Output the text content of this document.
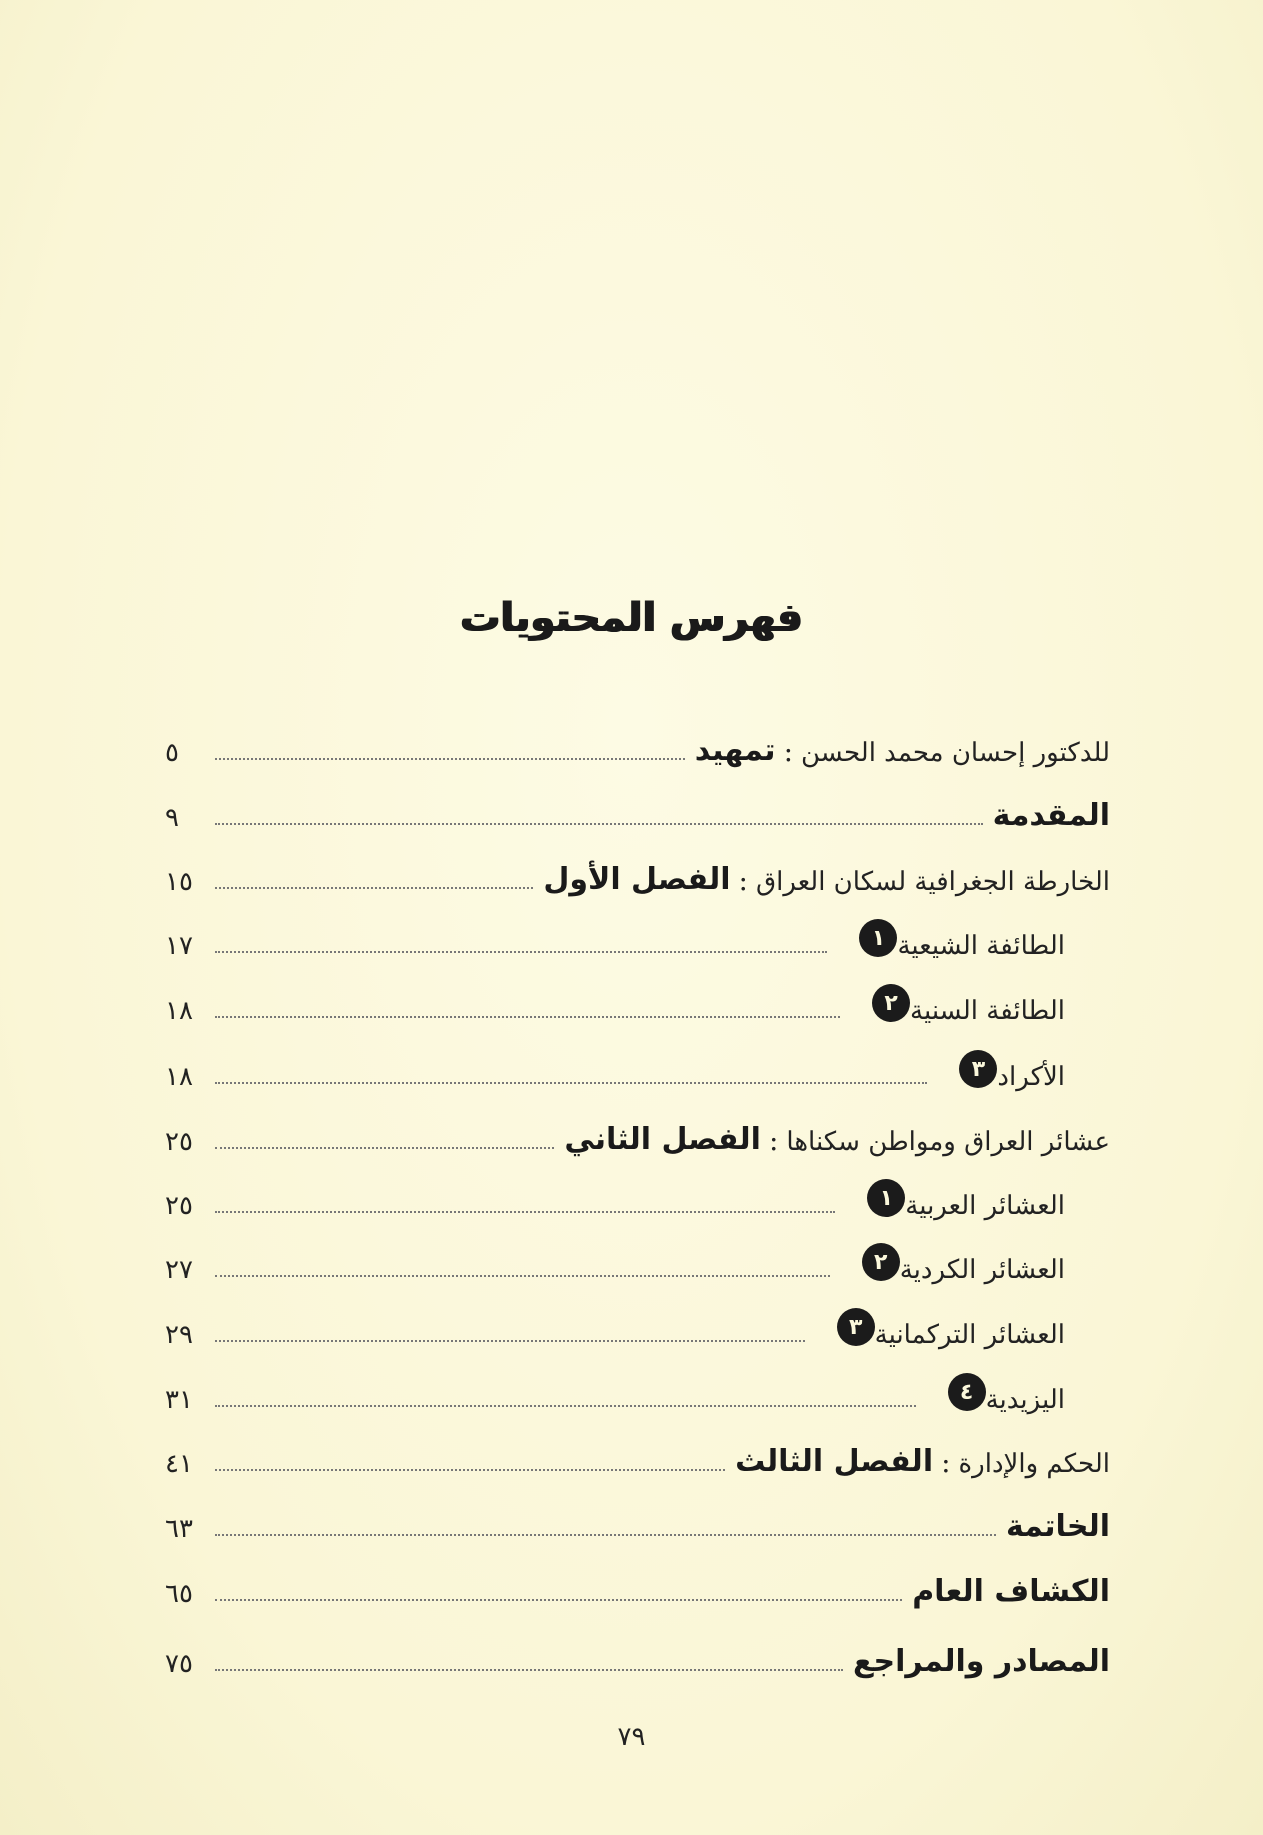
فهرس المحتويات
تمهيد : للدكتور إحسان محمد الحسن
٥
المقدمة
٩
الفصل الأول : الخارطة الجغرافية لسكان العراق
١٥
١ الطائفة الشيعية
١٧
٢ الطائفة السنية
١٨
٣ الأكراد
١٨
الفصل الثاني : عشائر العراق ومواطن سكناها
٢٥
١ العشائر العربية
٢٥
٢ العشائر الكردية
٢٧
٣ العشائر التركمانية
٢٩
٤ اليزيدية
٣١
الفصل الثالث : الحكم والإدارة
٤١
الخاتمة
٦٣
الكشاف العام
٦٥
المصادر والمراجع
٧٥
٧٩
